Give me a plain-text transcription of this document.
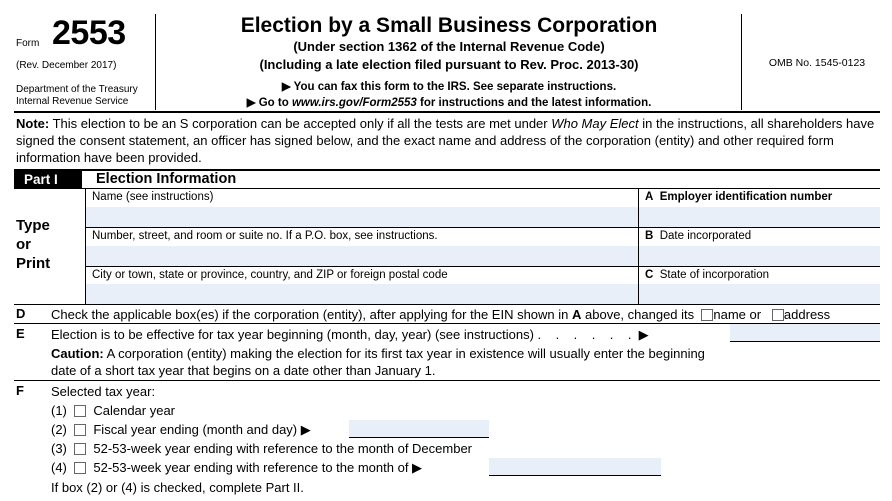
Form 2553
(Rev. December 2017)
Department of the Treasury
Internal Revenue Service
Election by a Small Business Corporation
(Under section 1362 of the Internal Revenue Code)
(Including a late election filed pursuant to Rev. Proc. 2013-30)
▶ You can fax this form to the IRS. See separate instructions.
▶ Go to www.irs.gov/Form2553 for instructions and the latest information.
OMB No. 1545-0123
Note: This election to be an S corporation can be accepted only if all the tests are met under Who May Elect in the instructions, all shareholders have signed the consent statement, an officer has signed below, and the exact name and address of the corporation (entity) and other required form information have been provided.
Part I	Election Information
Type
or
Print
Name (see instructions)	A Employer identification number
Number, street, and room or suite no. If a P.O. box, see instructions.	B Date incorporated
City or town, state or province, country, and ZIP or foreign postal code	C State of incorporation
D Check the applicable box(es) if the corporation (entity), after applying for the EIN shown in A above, changed its name or address
E Election is to be effective for tax year beginning (month, day, year) (see instructions) .    .    .    .    .    .  ▶
Caution: A corporation (entity) making the election for its first tax year in existence will usually enter the beginning date of a short tax year that begins on a date other than January 1.
F Selected tax year:
(1) Calendar year
(2) Fiscal year ending (month and day) ▶
(3) 52-53-week year ending with reference to the month of December
(4) 52-53-week year ending with reference to the month of ▶
If box (2) or (4) is checked, complete Part II.
